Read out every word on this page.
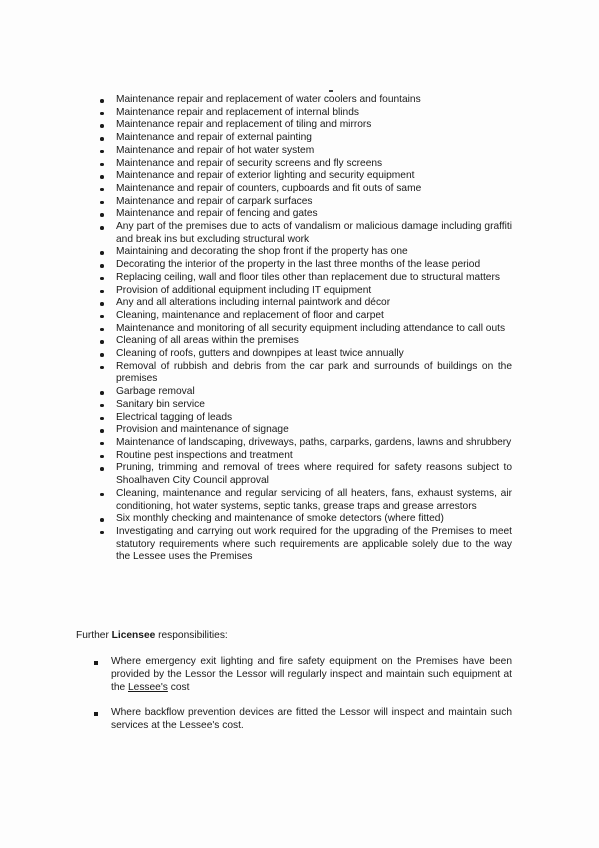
Maintenance repair and replacement of water coolers and fountains
Maintenance repair and replacement of internal blinds
Maintenance repair and replacement of tiling and mirrors
Maintenance and repair of external painting
Maintenance and repair of hot water system
Maintenance and repair of security screens and fly screens
Maintenance and repair of exterior lighting and security equipment
Maintenance and repair of counters, cupboards and fit outs of same
Maintenance and repair of carpark surfaces
Maintenance and repair of fencing and gates
Any part of the premises due to acts of vandalism or malicious damage including graffiti and break ins but excluding structural work
Maintaining and decorating the shop front if the property has one
Decorating the interior of the property in the last three months of the lease period
Replacing ceiling, wall and floor tiles other than replacement due to structural matters
Provision of additional equipment including IT equipment
Any and all alterations including internal paintwork and décor
Cleaning, maintenance and replacement of floor and carpet
Maintenance and monitoring of all security equipment including attendance to call outs
Cleaning of all areas within the premises
Cleaning of roofs, gutters and downpipes at least twice annually
Removal of rubbish and debris from the car park and surrounds of buildings on the premises
Garbage removal
Sanitary bin service
Electrical tagging of leads
Provision and maintenance of signage
Maintenance of landscaping, driveways, paths, carparks, gardens, lawns and shrubbery
Routine pest inspections and treatment
Pruning, trimming and removal of trees where required for safety reasons subject to Shoalhaven City Council approval
Cleaning, maintenance and regular servicing of all heaters, fans, exhaust systems, air conditioning, hot water systems, septic tanks, grease traps and grease arrestors
Six monthly checking and maintenance of smoke detectors (where fitted)
Investigating and carrying out work required for the upgrading of the Premises to meet statutory requirements where such requirements are applicable solely due to the way the Lessee uses the Premises

Further Licensee responsibilities:

Where emergency exit lighting and fire safety equipment on the Premises have been provided by the Lessor the Lessor will regularly inspect and maintain such equipment at the Lessee's cost
Where backflow prevention devices are fitted the Lessor will inspect and maintain such services at the Lessee's cost.
